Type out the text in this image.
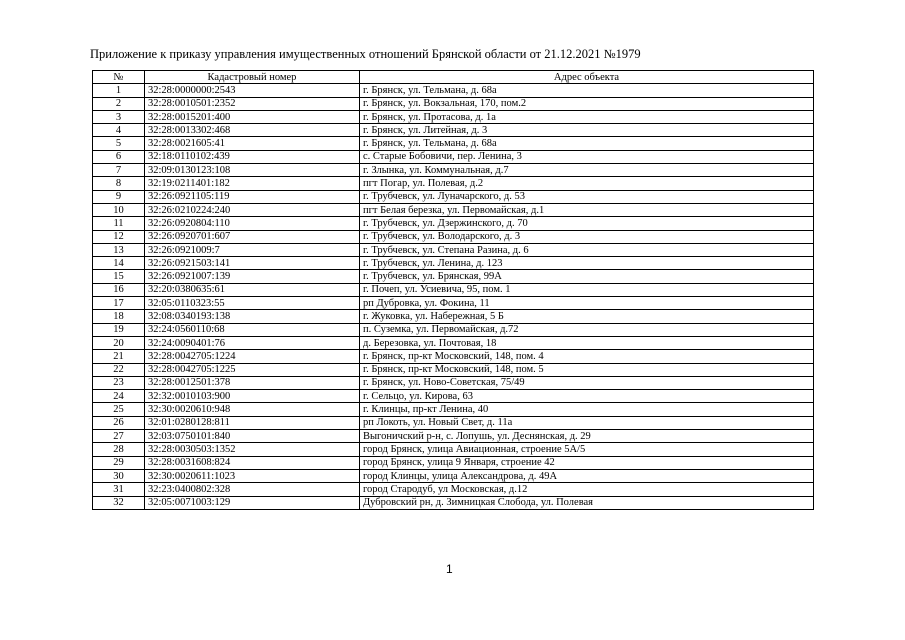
Приложение к приказу управления имущественных отношений Брянской области от 21.12.2021 №1979
№	Кадастровый номер	Адрес объекта
1	32:28:0000000:2543	г. Брянск, ул. Тельмана, д. 68а
2	32:28:0010501:2352	г. Брянск, ул. Вокзальная, 170, пом.2
3	32:28:0015201:400	г. Брянск, ул. Протасова, д. 1а
4	32:28:0013302:468	г. Брянск, ул. Литейная, д. 3
5	32:28:0021605:41	г. Брянск, ул. Тельмана, д. 68а
6	32:18:0110102:439	с. Старые Бобовичи, пер. Ленина, 3
7	32:09:0130123:108	г. Злынка, ул. Коммунальная, д.7
8	32:19:0211401:182	пгт Погар, ул. Полевая, д.2
9	32:26:0921105:119	г. Трубчевск, ул. Луначарского, д. 53
10	32:26:0210224:240	пгт Белая березка, ул. Первомайская, д.1
11	32:26:0920804:110	г. Трубчевск, ул. Дзержинского, д. 70
12	32:26:0920701:607	г. Трубчевск, ул. Володарского, д. 3
13	32:26:0921009:7	г. Трубчевск, ул. Степана Разина, д. 6
14	32:26:0921503:141	г. Трубчевск, ул. Ленина, д. 123
15	32:26:0921007:139	г. Трубчевск, ул. Брянская, 99А
16	32:20:0380635:61	г. Почеп, ул. Усиевича, 95, пом. 1
17	32:05:0110323:55	рп Дубровка, ул. Фокина, 11
18	32:08:0340193:138	г. Жуковка, ул. Набережная, 5 Б
19	32:24:0560110:68	п. Суземка, ул. Первомайская, д.72
20	32:24:0090401:76	д. Березовка, ул. Почтовая, 18
21	32:28:0042705:1224	г. Брянск, пр-кт Московский, 148, пом. 4
22	32:28:0042705:1225	г. Брянск, пр-кт Московский, 148, пом. 5
23	32:28:0012501:378	г. Брянск, ул. Ново-Советская, 75/49
24	32:32:0010103:900	г. Сельцо, ул. Кирова, 63
25	32:30:0020610:948	г. Клинцы, пр-кт Ленина, 40
26	32:01:0280128:811	рп Локоть, ул. Новый Свет, д. 11а
27	32:03:0750101:840	Выгоничский р-н, с. Лопушь, ул. Деснянская, д. 29
28	32:28:0030503:1352	город Брянск, улица Авиационная, строение 5А/5
29	32:28:0031608:824	город Брянск, улица 9 Января, строение 42
30	32:30:0020611:1023	город Клинцы, улица Александрова, д. 49А
31	32:23:0400802:328	город Стародуб, ул Московская, д.12
32	32:05:0071003:129	Дубровский рн, д. Зимницкая Слобода, ул. Полевая
1
